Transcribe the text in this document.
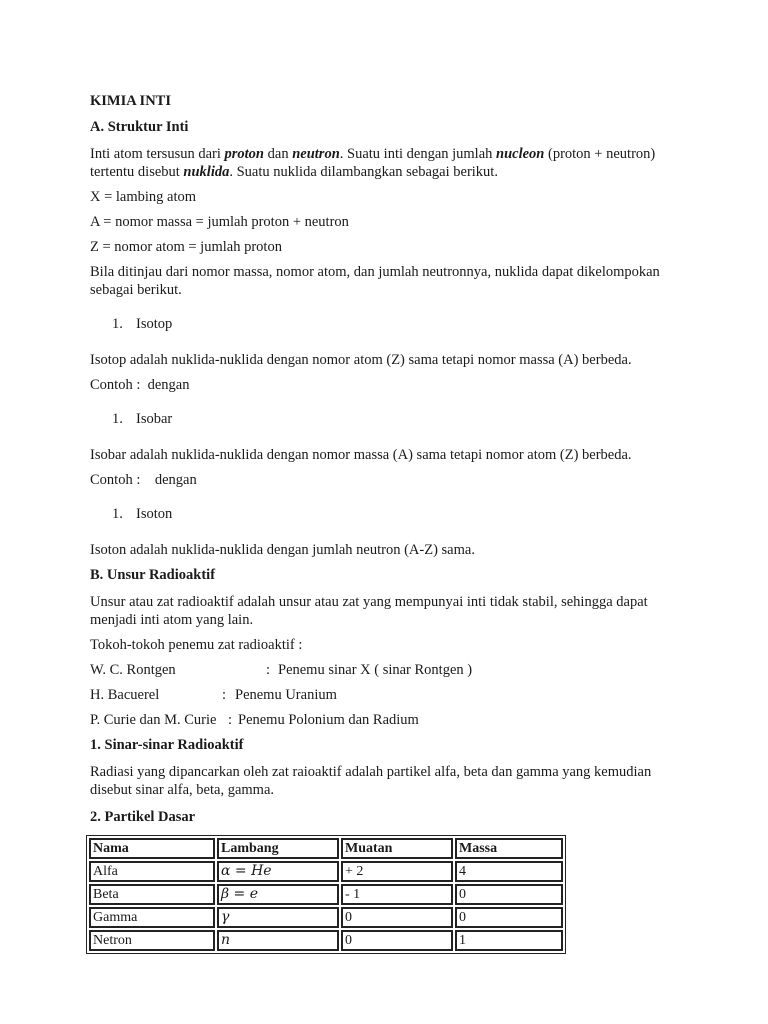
KIMIA INTI
A. Struktur Inti

Inti atom tersusun dari proton dan neutron. Suatu inti dengan jumlah nucleon (proton + neutron) tertentu disebut nuklida. Suatu nuklida dilambangkan sebagai berikut.

X = lambing atom

A = nomor massa = jumlah proton + neutron

Z = nomor atom = jumlah proton

Bila ditinjau dari nomor massa, nomor atom, dan jumlah neutronnya, nuklida dapat dikelompokan sebagai berikut.

1. Isotop

Isotop adalah nuklida-nuklida dengan nomor atom (Z) sama tetapi nomor massa (A) berbeda.

Contoh :  dengan

1. Isobar

Isobar adalah nuklida-nuklida dengan nomor massa (A) sama tetapi nomor atom (Z) berbeda.

Contoh :    dengan

1. Isoton

Isoton adalah nuklida-nuklida dengan jumlah neutron (A-Z) sama.

B. Unsur Radioaktif

Unsur atau zat radioaktif adalah unsur atau zat yang mempunyai inti tidak stabil, sehingga dapat menjadi inti atom yang lain.

Tokoh-tokoh penemu zat radioaktif :

W. C. Rontgen	: Penemu sinar X ( sinar Rontgen )
H. Bacuerel	: Penemu Uranium
P. Curie dan M. Curie : Penemu Polonium dan Radium
1. Sinar-sinar Radioaktif

Radiasi yang dipancarkan oleh zat raioaktif adalah partikel alfa, beta dan gamma yang kemudian disebut sinar alfa, beta, gamma.

2. Partikel Dasar
Nama	Lambang	Muatan	Massa
Alfa	α = He	+ 2	4
Beta	β = e	- 1	0
Gamma	γ	0	0
Netron	n	0	1
